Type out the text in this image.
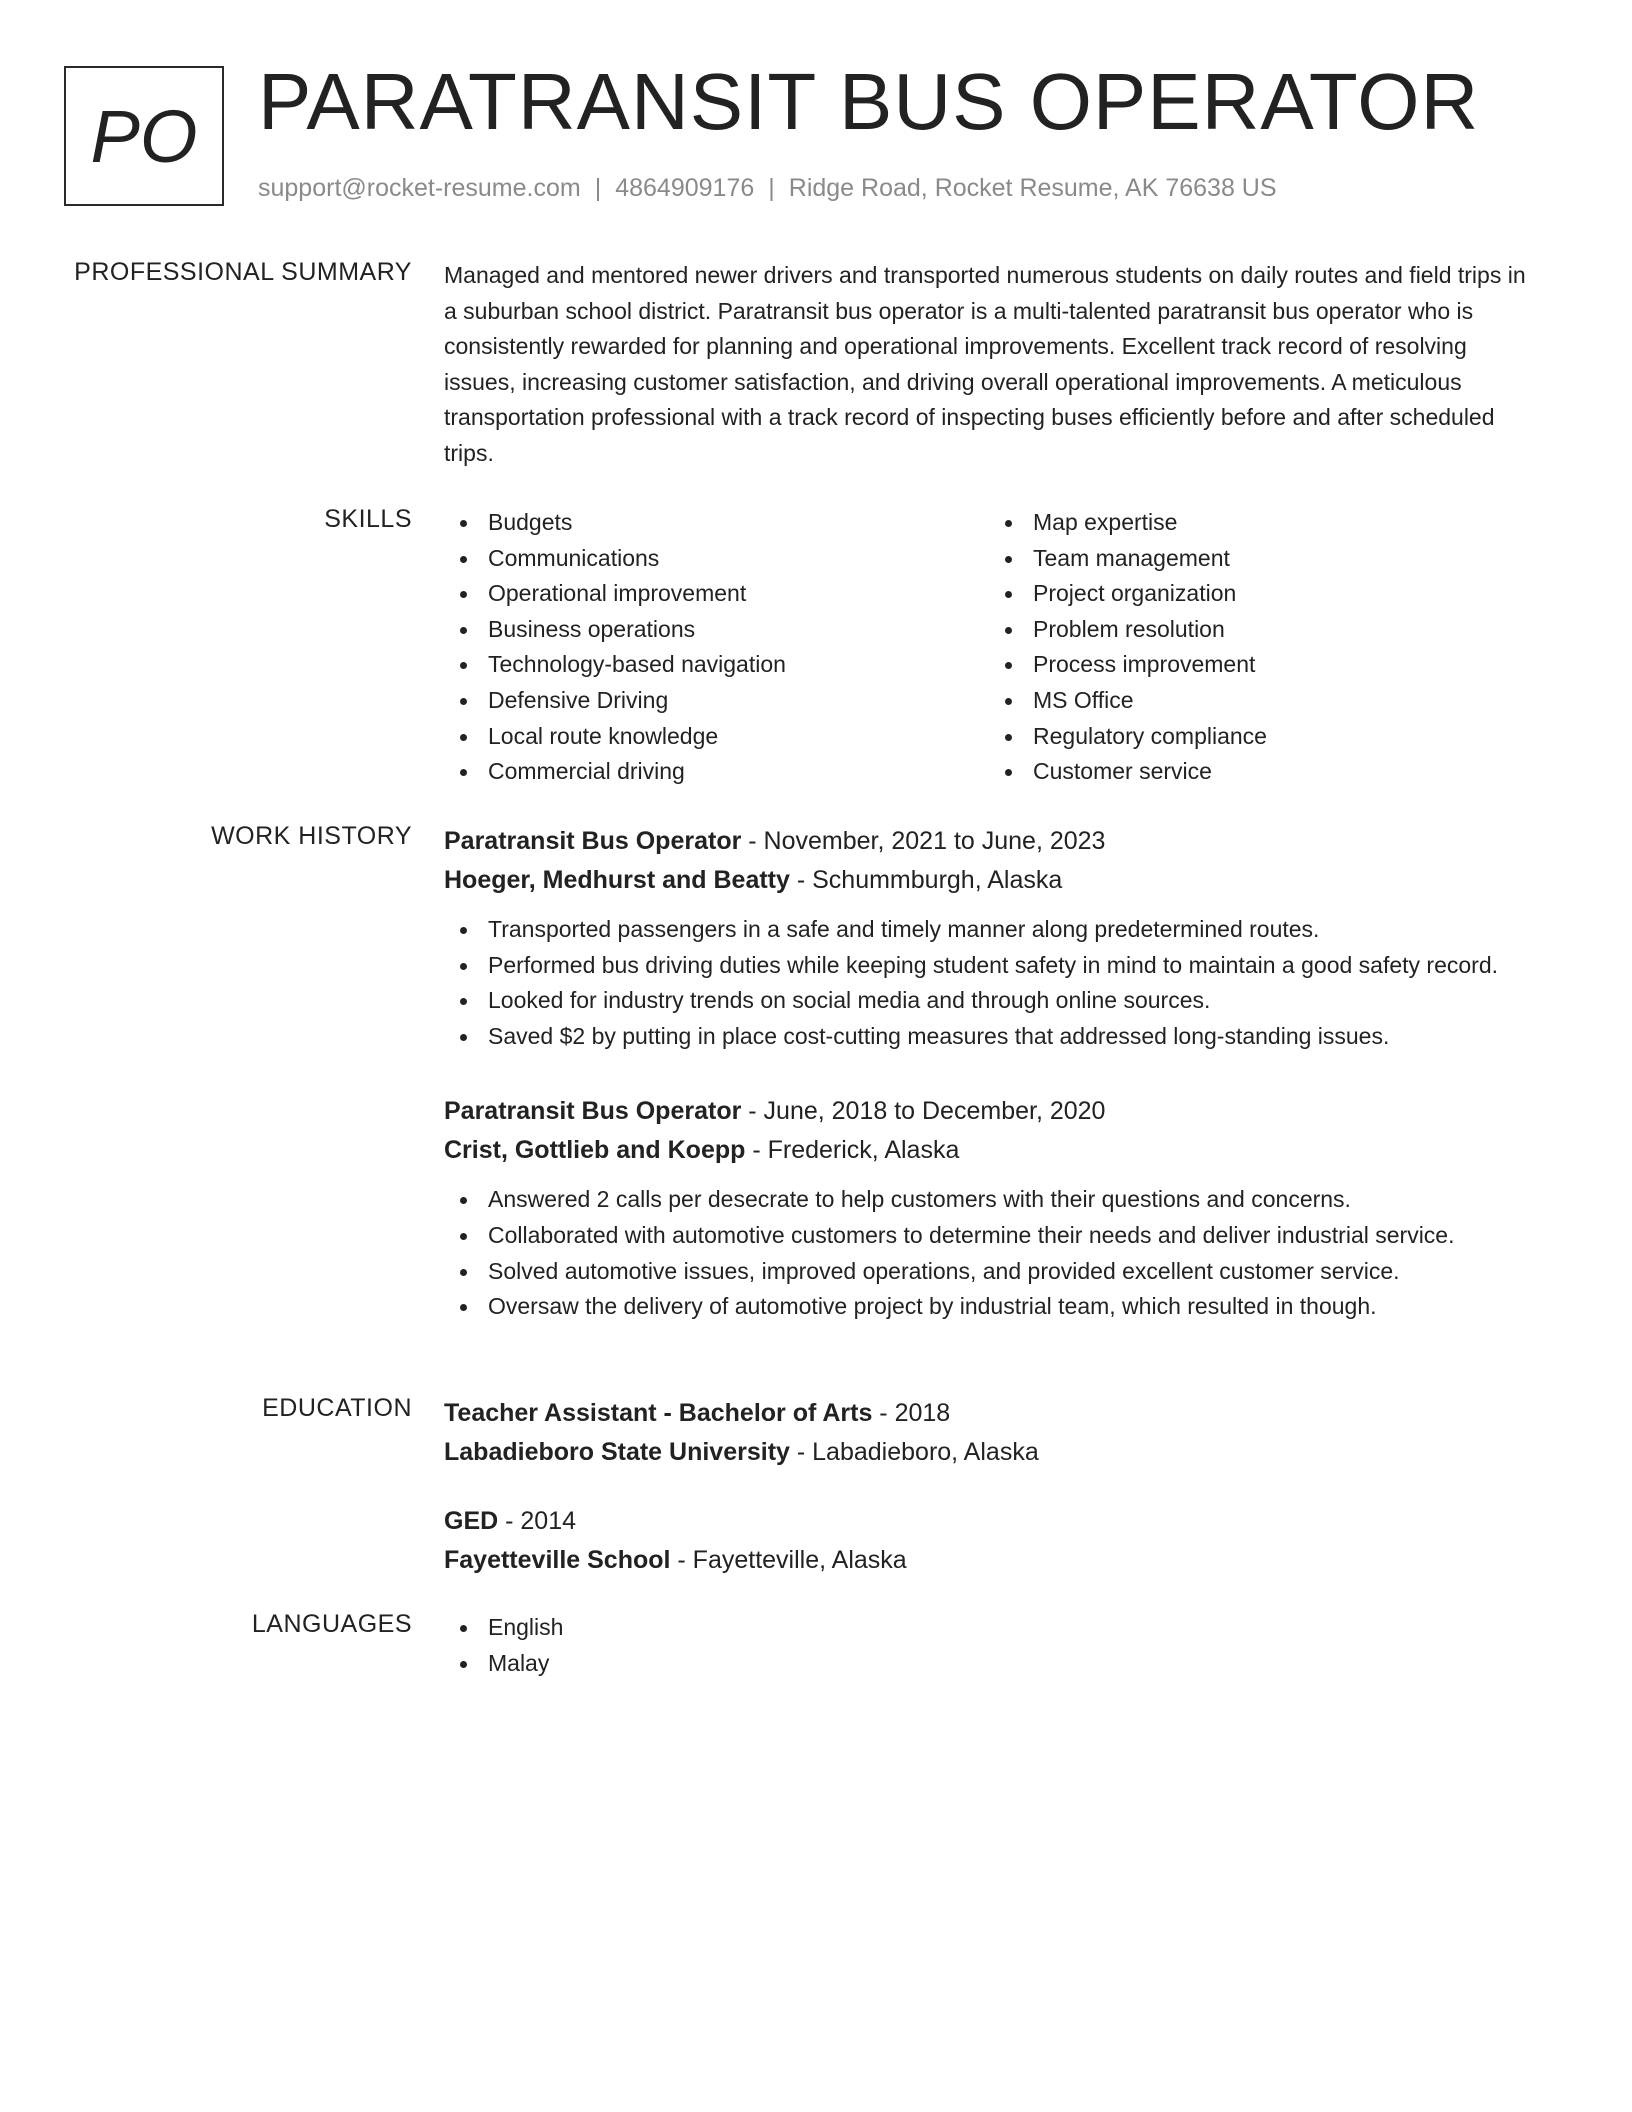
PO PARATRANSIT BUS OPERATOR
support@rocket-resume.com | 4864909176 | Ridge Road, Rocket Resume, AK 76638 US
PROFESSIONAL SUMMARY Managed and mentored newer drivers and transported numerous students on daily routes and field trips in a suburban school district. Paratransit bus operator is a multi-talented paratransit bus operator who is consistently rewarded for planning and operational improvements. Excellent track record of resolving issues, increasing customer satisfaction, and driving overall operational improvements. A meticulous transportation professional with a track record of inspecting buses efficiently before and after scheduled trips.

SKILLS	Budgets
Communications
Operational improvement
Business operations
Technology-based navigation
Defensive Driving
Local route knowledge
Commercial driving
Map expertise
Team management
Project organization
Problem resolution
Process improvement
MS Office
Regulatory compliance
Customer service
WORK HISTORY Paratransit Bus Operator - November, 2021 to June, 2023
Hoeger, Medhurst and Beatty - Schummburgh, Alaska
Transported passengers in a safe and timely manner along predetermined routes.
Performed bus driving duties while keeping student safety in mind to maintain a good safety record.
Looked for industry trends on social media and through online sources.
Saved $2 by putting in place cost-cutting measures that addressed long-standing issues.
Paratransit Bus Operator - June, 2018 to December, 2020
Crist, Gottlieb and Koepp - Frederick, Alaska
Answered 2 calls per desecrate to help customers with their questions and concerns.
Collaborated with automotive customers to determine their needs and deliver industrial service.
Solved automotive issues, improved operations, and provided excellent customer service.
Oversaw the delivery of automotive project by industrial team, which resulted in though.
EDUCATION Teacher Assistant - Bachelor of Arts - 2018
Labadieboro State University - Labadieboro, Alaska
GED - 2014
Fayetteville School - Fayetteville, Alaska
LANGUAGES	English
Malay
